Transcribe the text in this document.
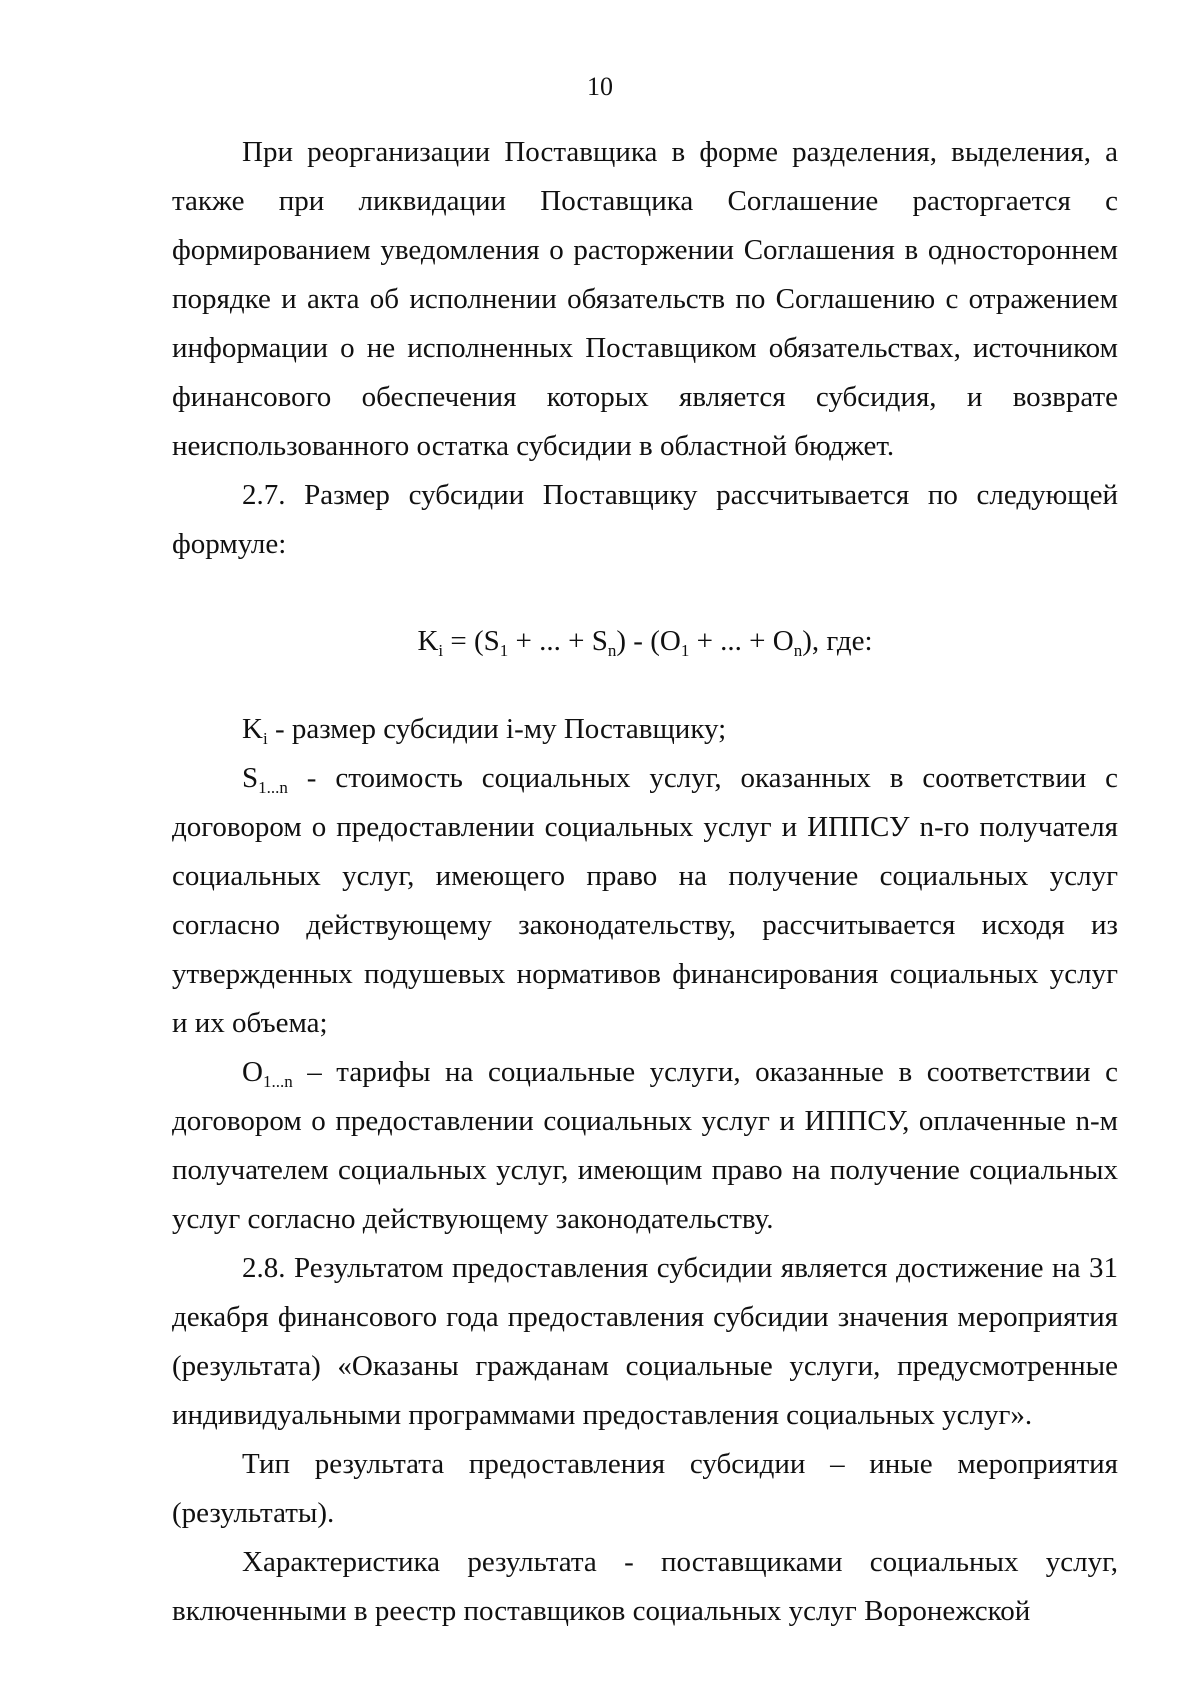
10

При реорганизации Поставщика в форме разделения, выделения, а также при ликвидации Поставщика Соглашение расторгается с формированием уведомления о расторжении Соглашения в одностороннем порядке и акта об исполнении обязательств по Соглашению с отражением информации о не исполненных Поставщиком обязательствах, источником финансового обеспечения которых является субсидия, и возврате неиспользованного остатка субсидии в областной бюджет.

2.7. Размер субсидии Поставщику рассчитывается по следующей формуле:

$K_i = (S_1$ + ... + $S_n) - (O_1$ + ... + $O_n$), где:

$K_i$ - размер субсидии i-му Поставщику;

$S_{1...n}$ - стоимость социальных услуг, оказанных в соответствии с договором о предоставлении социальных услуг и ИППСУ n-го получателя социальных услуг, имеющего право на получение социальных услуг согласно действующему законодательству, рассчитывается исходя из утвержденных подушевых нормативов финансирования социальных услуг и их объема;

$O_{1...n}$ – тарифы на социальные услуги, оказанные в соответствии с договором о предоставлении социальных услуг и ИППСУ, оплаченные n-м получателем социальных услуг, имеющим право на получение социальных услуг согласно действующему законодательству.

2.8. Результатом предоставления субсидии является достижение на 31 декабря финансового года предоставления субсидии значения мероприятия (результата) «Оказаны гражданам социальные услуги, предусмотренные индивидуальными программами предоставления социальных услуг».

Тип результата предоставления субсидии – иные мероприятия (результаты).

Характеристика результата - поставщиками социальных услуг, включенными в реестр поставщиков социальных услуг Воронежской
